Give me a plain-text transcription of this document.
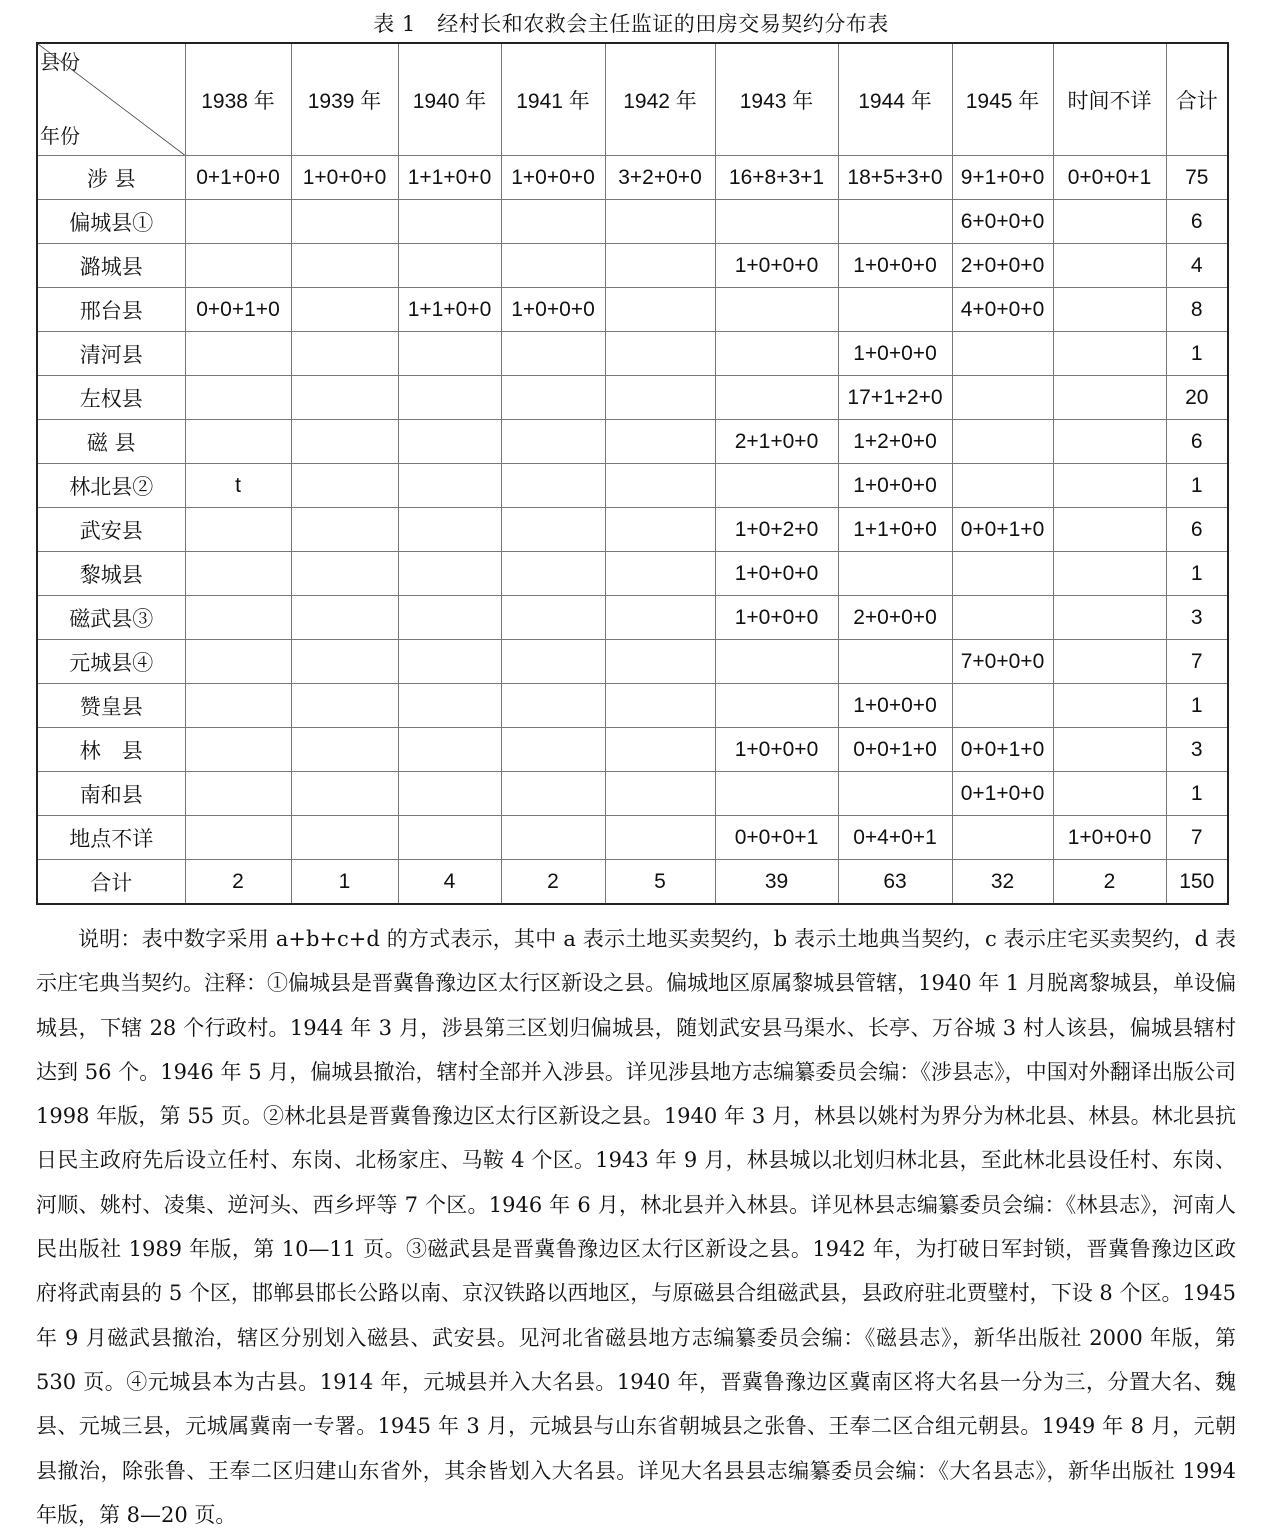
表 1　经村长和农救会主任监证的田房交易契约分布表
县份
年份	1938 年	1939 年	1940 年	1941 年	1942 年	1943 年	1944 年	1945 年	时间不详	合计
涉 县	0+1+0+0	1+0+0+0	1+1+0+0	1+0+0+0	3+2+0+0	16+8+3+1	18+5+3+0	9+1+0+0	0+0+0+1	75
偏城县①								6+0+0+0		6
潞城县						1+0+0+0	1+0+0+0	2+0+0+0		4
邢台县	0+0+1+0		1+1+0+0	1+0+0+0				4+0+0+0		8
清河县							1+0+0+0			1
左权县							17+1+2+0			20
磁 县						2+1+0+0	1+2+0+0			6
林北县②	t						1+0+0+0			1
武安县						1+0+2+0	1+1+0+0	0+0+1+0		6
黎城县						1+0+0+0				1
磁武县③						1+0+0+0	2+0+0+0			3
元城县④								7+0+0+0		7
赞皇县							1+0+0+0			1
林　县						1+0+0+0	0+0+1+0	0+0+1+0		3
南和县								0+1+0+0		1
地点不详						0+0+0+1	0+4+0+1		1+0+0+0	7
合计	2	1	4	2	5	39	63	32	2	150

说明：表中数字采用 a+b+c+d 的方式表示，其中 a 表示土地买卖契约，b 表示土地典当契约，c 表示庄宅买卖契约，d 表示庄宅典当契约。注释：①偏城县是晋冀鲁豫边区太行区新设之县。偏城地区原属黎城县管辖，1940 年 1 月脱离黎城县，单设偏城县，下辖 28 个行政村。1944 年 3 月，涉县第三区划归偏城县，随划武安县马渠水、长亭、万谷城 3 村人该县，偏城县辖村达到 56 个。1946 年 5 月，偏城县撤治，辖村全部并入涉县。详见涉县地方志编纂委员会编：《涉县志》，中国对外翻译出版公司 1998 年版，第 55 页。②林北县是晋冀鲁豫边区太行区新设之县。1940 年 3 月，林县以姚村为界分为林北县、林县。林北县抗日民主政府先后设立任村、东岗、北杨家庄、马鞍 4 个区。1943 年 9 月，林县城以北划归林北县，至此林北县设任村、东岗、河顺、姚村、凌集、逆河头、西乡坪等 7 个区。1946 年 6 月，林北县并入林县。详见林县志编纂委员会编：《林县志》，河南人民出版社 1989 年版，第 10—11 页。③磁武县是晋冀鲁豫边区太行区新设之县。1942 年，为打破日军封锁，晋冀鲁豫边区政府将武南县的 5 个区，邯郸县邯长公路以南、京汉铁路以西地区，与原磁县合组磁武县，县政府驻北贾璧村，下设 8 个区。1945 年 9 月磁武县撤治，辖区分别划入磁县、武安县。见河北省磁县地方志编纂委员会编：《磁县志》，新华出版社 2000 年版，第 530 页。④元城县本为古县。1914 年，元城县并入大名县。1940 年，晋冀鲁豫边区冀南区将大名县一分为三，分置大名、魏县、元城三县，元城属冀南一专署。1945 年 3 月，元城县与山东省朝城县之张鲁、王奉二区合组元朝县。1949 年 8 月，元朝县撤治，除张鲁、王奉二区归建山东省外，其余皆划入大名县。详见大名县县志编纂委员会编：《大名县志》，新华出版社 1994 年版，第 8—20 页。
